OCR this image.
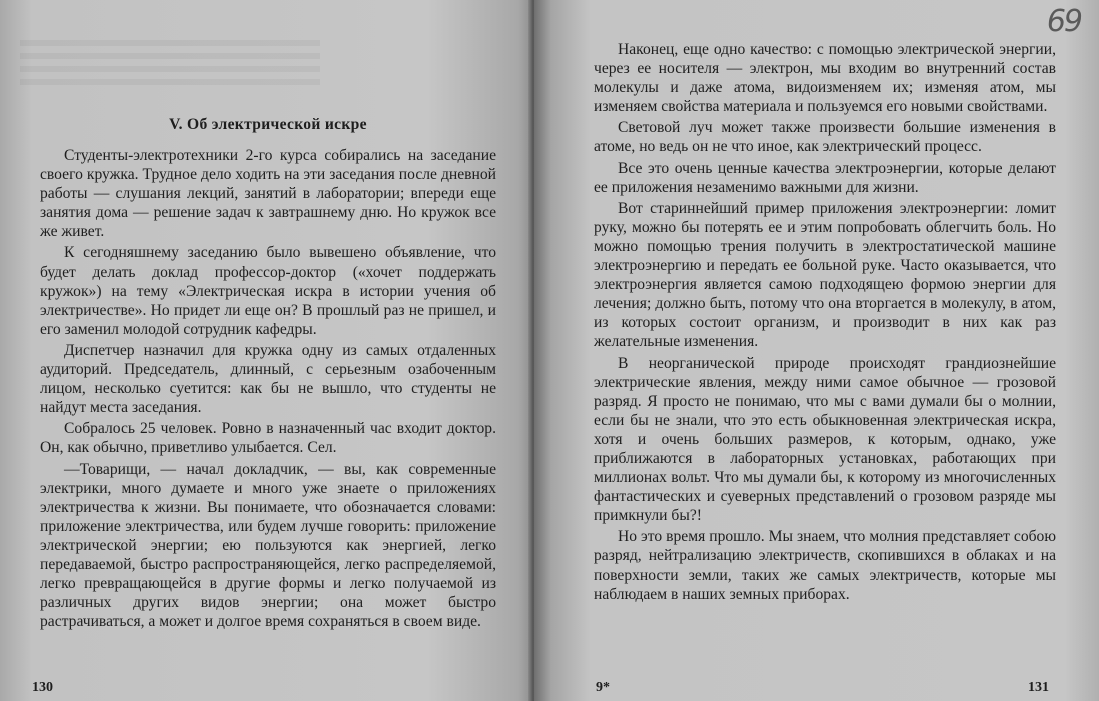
V. Об электрической искре

Студенты-электротехники 2-го курса собирались на заседание своего кружка. Трудное дело ходить на эти заседания после дневной работы — слушания лекций, занятий в лаборатории; впереди еще занятия дома — решение задач к завтрашнему дню. Но кружок все же живет.

К сегодняшнему заседанию было вывешено объявление, что будет делать доклад профессор-доктор («хочет поддержать кружок») на тему «Электрическая искра в истории учения об электричестве». Но придет ли еще он? В прошлый раз не пришел, и его заменил молодой сотрудник кафедры.

Диспетчер назначил для кружка одну из самых отдаленных аудиторий. Председатель, длинный, с серьезным озабоченным лицом, несколько суетится: как бы не вышло, что студенты не найдут места заседания.

Собралось 25 человек. Ровно в назначенный час входит доктор. Он, как обычно, приветливо улыбается. Сел.

—Товарищи, — начал докладчик, — вы, как современные электрики, много думаете и много уже знаете о приложениях электричества к жизни. Вы понимаете, что обозначается словами: приложение электричества, или будем лучше говорить: приложение электрической энергии; ею пользуются как энергией, легко передаваемой, быстро распространяющейся, легко распределяемой, легко превращающейся в другие формы и легко получаемой из различных других видов энергии; она может быстро растрачиваться, а может и долгое время сохраняться в своем виде.

130
69

Наконец, еще одно качество: с помощью электрической энергии, через ее носителя — электрон, мы входим во внутренний состав молекулы и даже атома, видоизменяем их; изменяя атом, мы изменяем свойства материала и пользуемся его новыми свойствами.

Световой луч может также произвести большие изменения в атоме, но ведь он не что иное, как электрический процесс.

Все это очень ценные качества электроэнергии, которые делают ее приложения незаменимо важными для жизни.

Вот стариннейший пример приложения электроэнергии: ломит руку, можно бы потерять ее и этим попробовать облегчить боль. Но можно помощью трения получить в электростатической машине электроэнергию и передать ее больной руке. Часто оказывается, что электроэнергия является самою подходящею формою энергии для лечения; должно быть, потому что она вторгается в молекулу, в атом, из которых состоит организм, и производит в них как раз желательные изменения.

В неорганической природе происходят грандиознейшие электрические явления, между ними самое обычное — грозовой разряд. Я просто не понимаю, что мы с вами думали бы о молнии, если бы не знали, что это есть обыкновенная электрическая искра, хотя и очень больших размеров, к которым, однако, уже приближаются в лабораторных установках, работающих при миллионах вольт. Что мы думали бы, к которому из многочисленных фантастических и суеверных представлений о грозовом разряде мы примкнули бы?!

Но это время прошло. Мы знаем, что молния представляет собою разряд, нейтрализацию электричеств, скопившихся в облаках и на поверхности земли, таких же самых электричеств, которые мы наблюдаем в наших земных приборах.

9*	131
